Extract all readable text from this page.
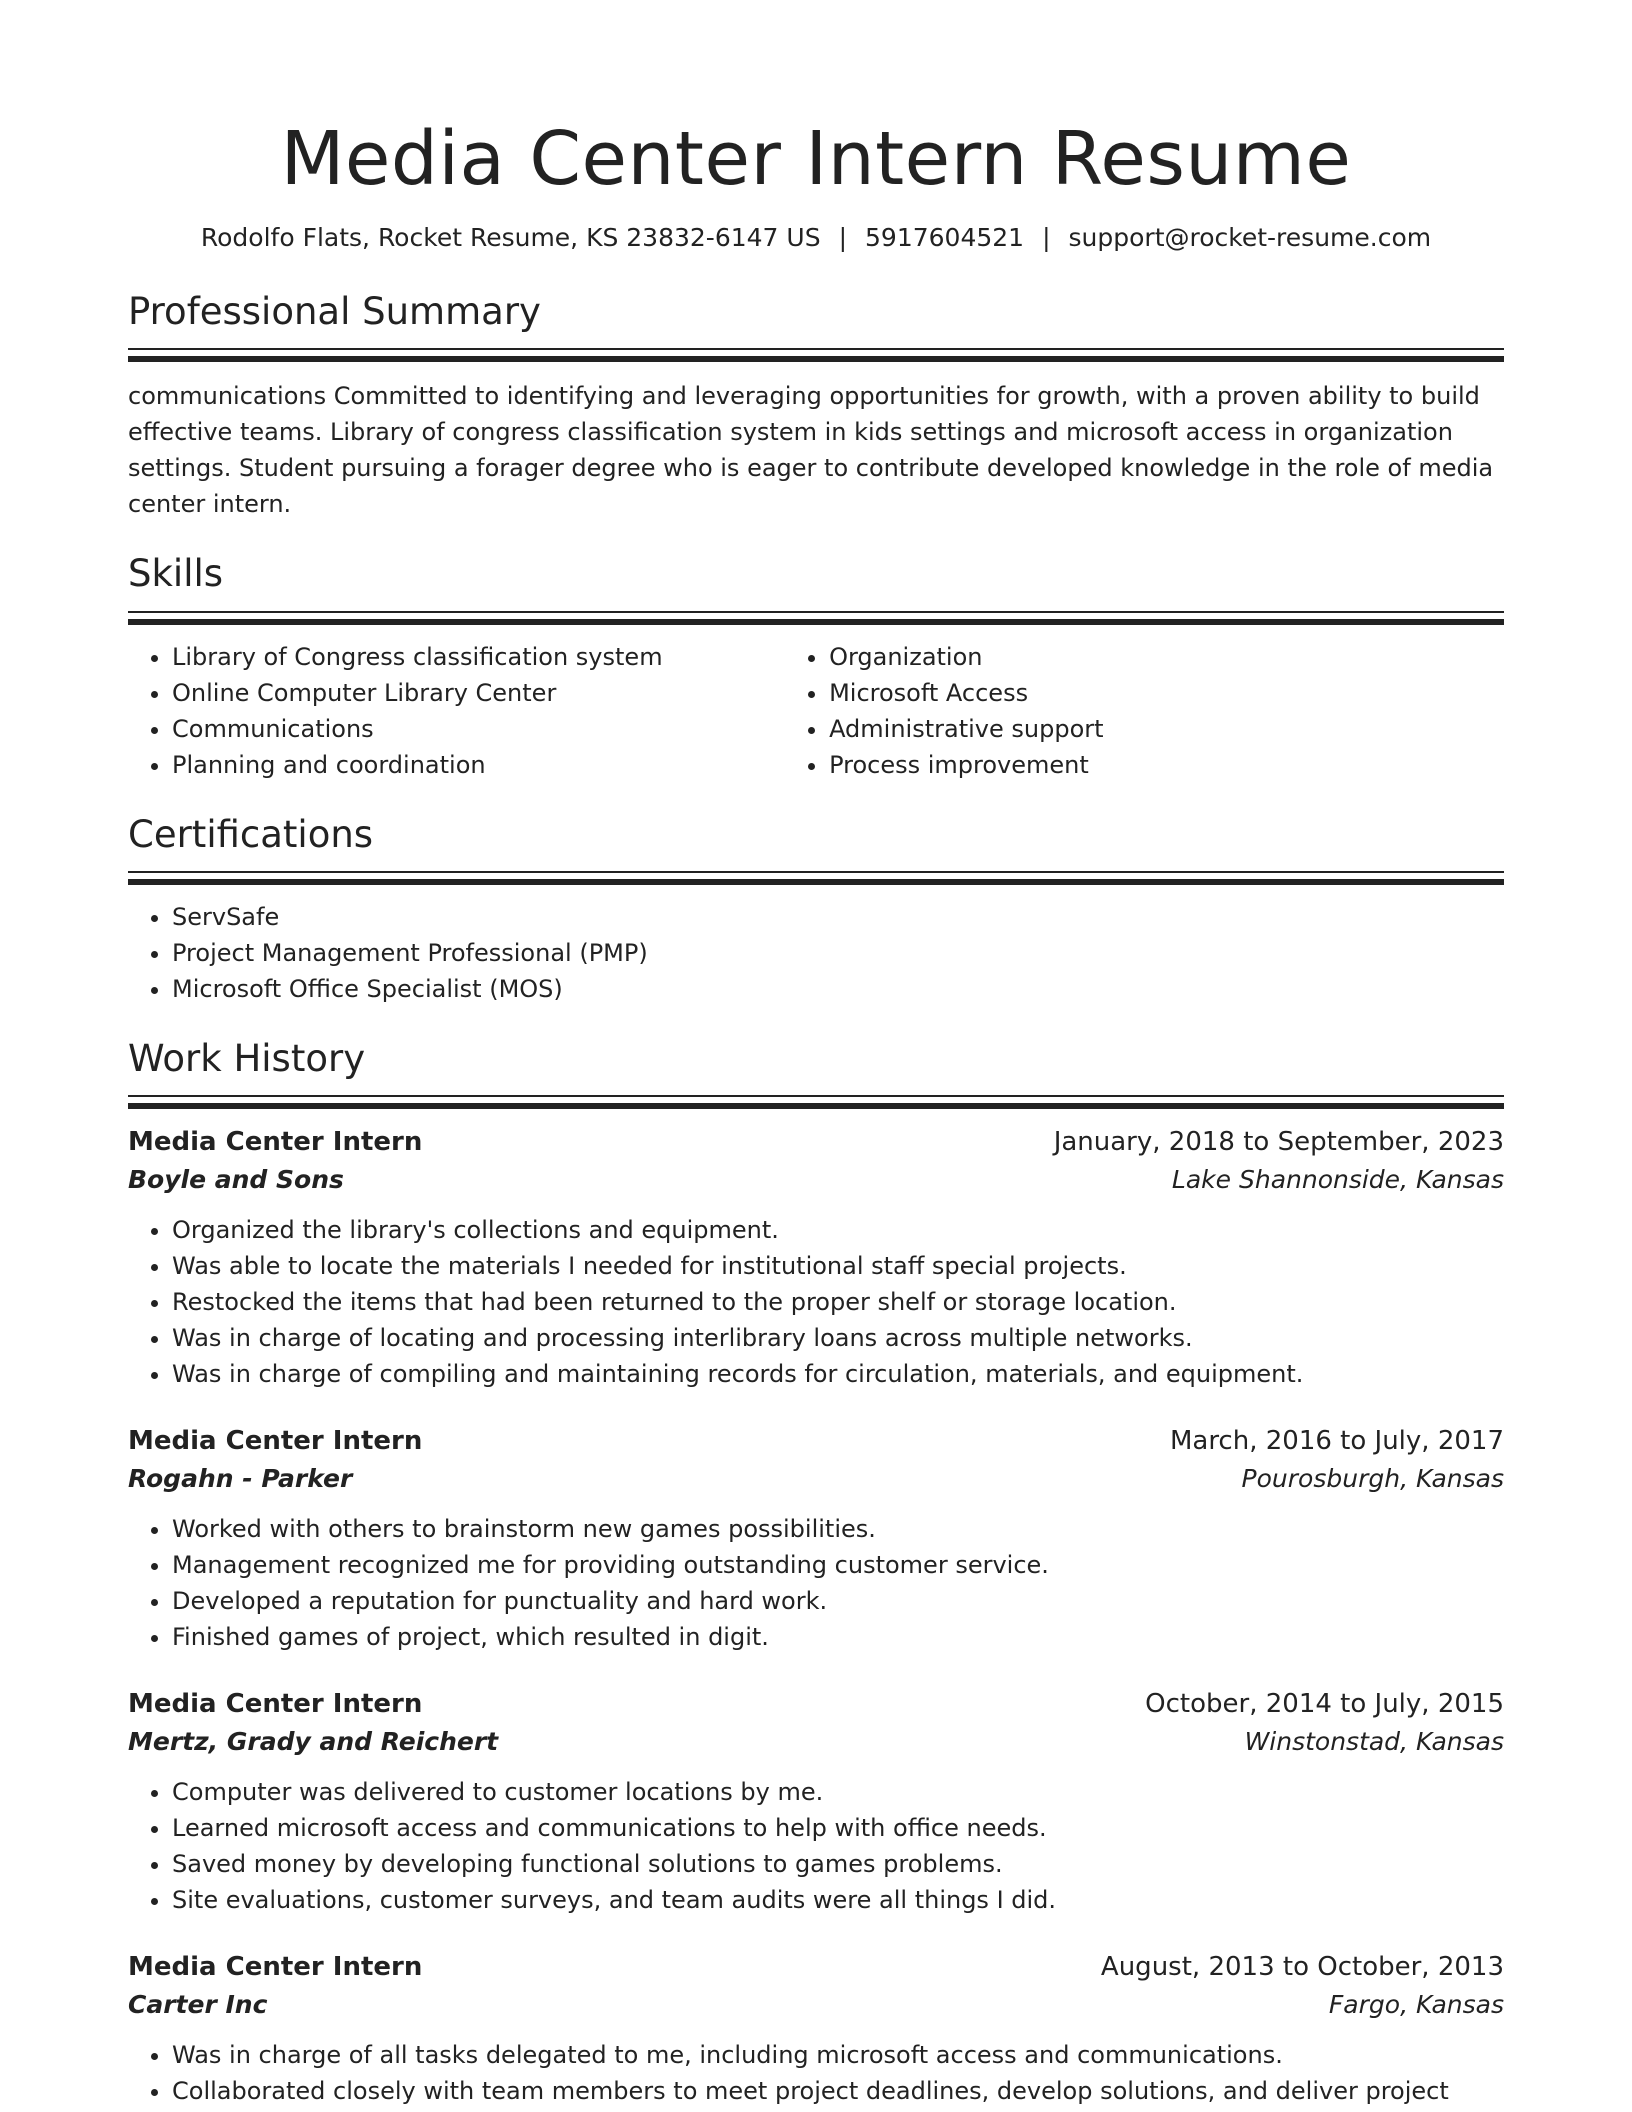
Media Center Intern Resume
Rodolfo Flats, Rocket Resume, KS 23832-6147 US | 5917604521 | support@rocket-resume.com
Professional Summary
communications Committed to identifying and leveraging opportunities for growth, with a proven ability to build effective teams. Library of congress classification system in kids settings and microsoft access in organization settings. Student pursuing a forager degree who is eager to contribute developed knowledge in the role of media center intern.
Skills
• Library of Congress classification system
• Online Computer Library Center
• Communications
• Planning and coordination
• Organization
• Microsoft Access
• Administrative support
• Process improvement
Certifications
• ServSafe
• Project Management Professional (PMP)
• Microsoft Office Specialist (MOS)
Work History
Media Center Intern	January, 2018 to September, 2023
Boyle and Sons	Lake Shannonside, Kansas
• Organized the library's collections and equipment.
• Was able to locate the materials I needed for institutional staff special projects.
• Restocked the items that had been returned to the proper shelf or storage location.
• Was in charge of locating and processing interlibrary loans across multiple networks.
• Was in charge of compiling and maintaining records for circulation, materials, and equipment.
Media Center Intern	March, 2016 to July, 2017
Rogahn - Parker	Pourosburgh, Kansas
• Worked with others to brainstorm new games possibilities.
• Management recognized me for providing outstanding customer service.
• Developed a reputation for punctuality and hard work.
• Finished games of project, which resulted in digit.
Media Center Intern	October, 2014 to July, 2015
Mertz, Grady and Reichert	Winstonstad, Kansas
• Computer was delivered to customer locations by me.
• Learned microsoft access and communications to help with office needs.
• Saved money by developing functional solutions to games problems.
• Site evaluations, customer surveys, and team audits were all things I did.
Media Center Intern	August, 2013 to October, 2013
Carter Inc	Fargo, Kansas
• Was in charge of all tasks delegated to me, including microsoft access and communications.
• Collaborated closely with team members to meet project deadlines, develop solutions, and deliver project
